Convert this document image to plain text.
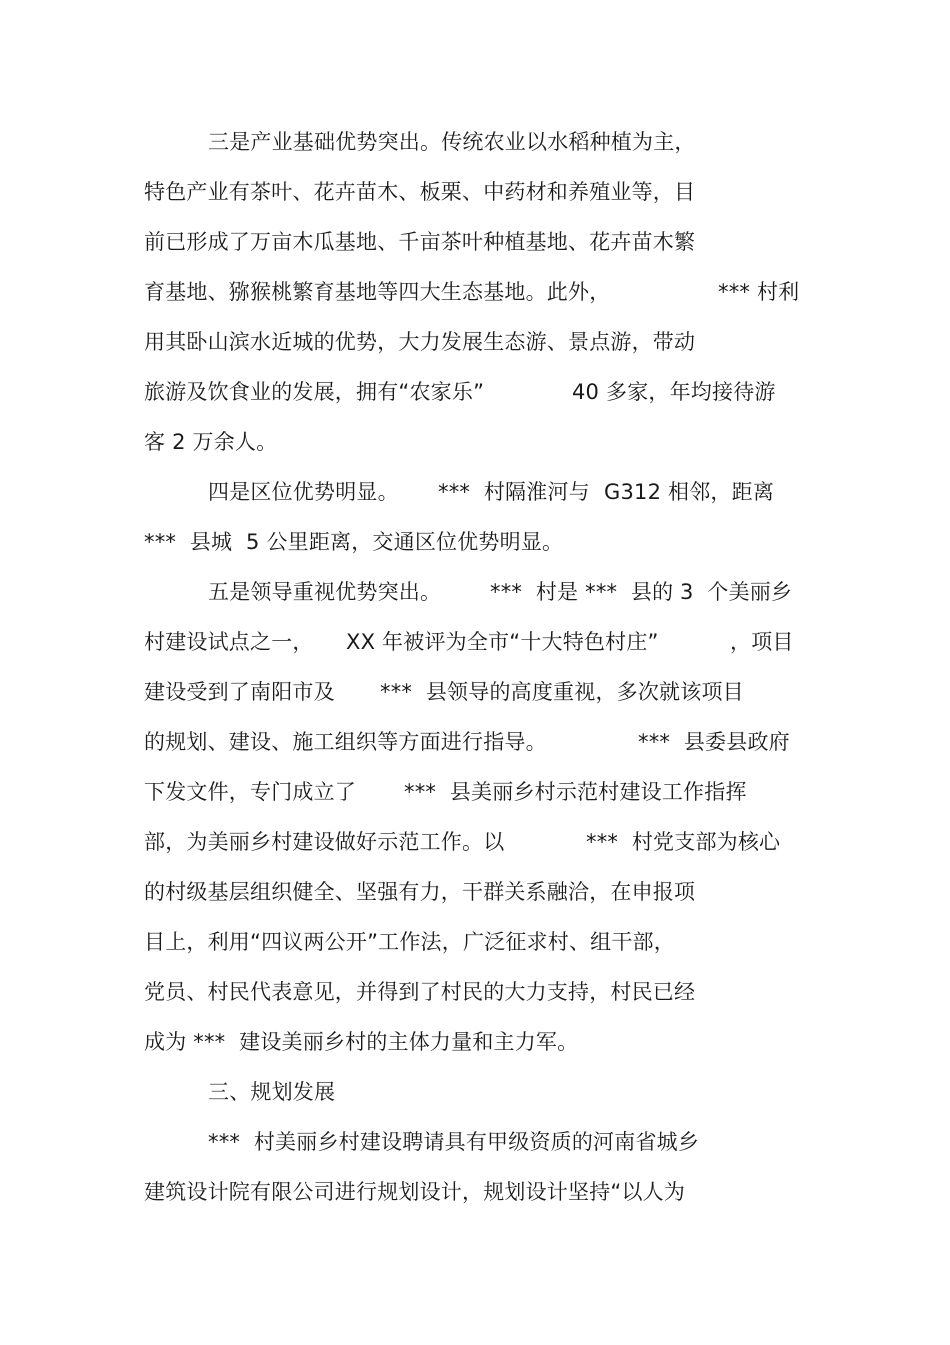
三是产业基础优势突出。传统农业以水稻种植为主，

特色产业有茶叶、花卉苗木、板栗、中药材和养殖业等，目

前已形成了万亩木瓜基地、千亩茶叶种植基地、花卉苗木繁

育基地、猕猴桃繁育基地等四大生态基地。此外，

	*** 村利

用其卧山滨水近城的优势，大力发展生态游、景点游，带动

旅游及饮食业的发展，拥有“农家乐”

	40 多家，年均接待游

客 2 万余人。

四是区位优势明显。

***  村隔淮河与

G312 相邻，距离

***  县城  5 公里距离，交通区位优势明显。

五是领导重视优势突出。

***  村是 ***  县的

3  个美丽乡

村建设试点之一，

XX 年被评为全市“十大特色村庄”

	，项目

建设受到了南阳市及

***  县领导的高度重视，多次就该项目

的规划、建设、施工组织等方面进行指导。

	***  县委县政府

下发文件，专门成立了

***  县美丽乡村示范村建设工作指挥

部，为美丽乡村建设做好示范工作。以

	***  村党支部为核心

的村级基层组织健全、坚强有力，干群关系融洽，在申报项

目上，利用“四议两公开”工作法，广泛征求村、组干部，

党员、村民代表意见，并得到了村民的大力支持，村民已经

成为 ***  建设美丽乡村的主体力量和主力军。

三、规划发展

***  村美丽乡村建设聘请具有甲级资质的河南省城乡

建筑设计院有限公司进行规划设计，规划设计坚持“以人为
